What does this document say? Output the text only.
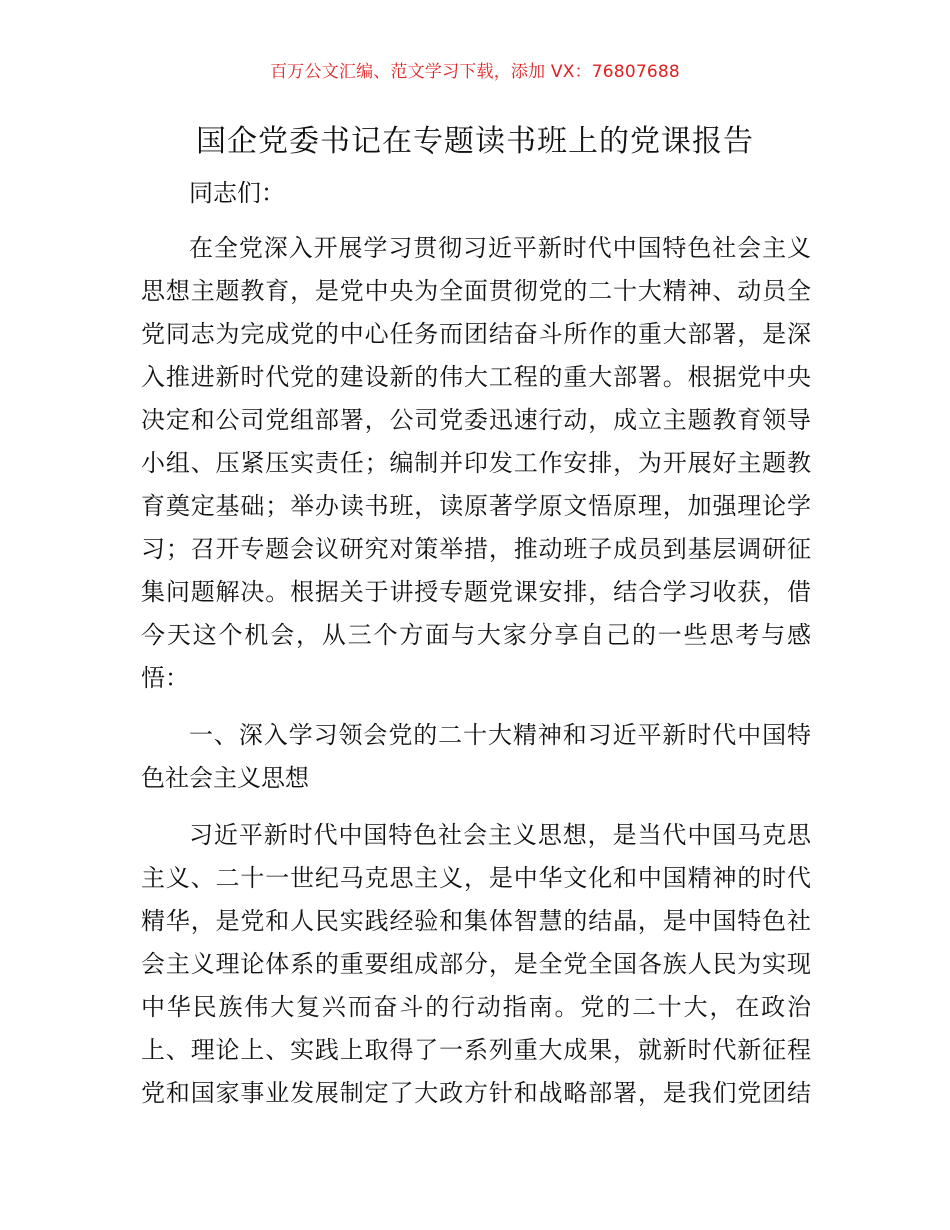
百万公文汇编、范文学习下载，添加 VX：76807688
国企党委书记在专题读书班上的党课报告
同志们：
在全党深入开展学习贯彻习近平新时代中国特色社会主义
思想主题教育，是党中央为全面贯彻党的二十大精神、动员全
党同志为完成党的中心任务而团结奋斗所作的重大部署，是深
入推进新时代党的建设新的伟大工程的重大部署。根据党中央
决定和公司党组部署，公司党委迅速行动，成立主题教育领导
小组、压紧压实责任；编制并印发工作安排，为开展好主题教
育奠定基础；举办读书班，读原著学原文悟原理，加强理论学
习；召开专题会议研究对策举措，推动班子成员到基层调研征
集问题解决。根据关于讲授专题党课安排，结合学习收获，借
今天这个机会，从三个方面与大家分享自己的一些思考与感
悟：
一、深入学习领会党的二十大精神和习近平新时代中国特
色社会主义思想
习近平新时代中国特色社会主义思想，是当代中国马克思
主义、二十一世纪马克思主义，是中华文化和中国精神的时代
精华，是党和人民实践经验和集体智慧的结晶，是中国特色社
会主义理论体系的重要组成部分，是全党全国各族人民为实现
中华民族伟大复兴而奋斗的行动指南。党的二十大，在政治
上、理论上、实践上取得了一系列重大成果，就新时代新征程
党和国家事业发展制定了大政方针和战略部署，是我们党团结
